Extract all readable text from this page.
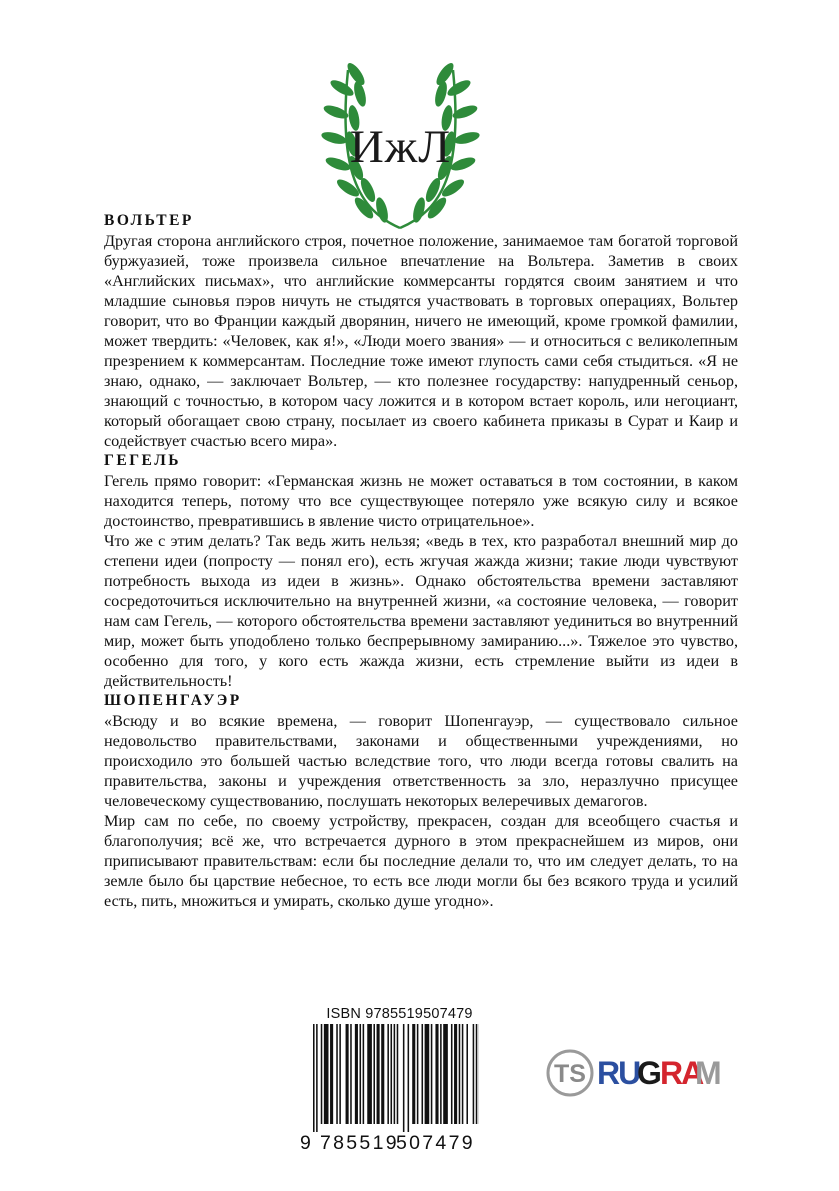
ИжЛ
ВОЛЬТЕР

Другая сторона английского строя, почетное положение, занимаемое там богатой торговой буржуазией, тоже произвела сильное впечатление на Вольтера. Заметив в своих «Английских письмах», что английские коммерсанты гордятся своим занятием и что младшие сыновья пэров ничуть не стыдятся участвовать в торговых операциях, Вольтер говорит, что во Франции каждый дворянин, ничего не имеющий, кроме громкой фамилии, может твердить: «Человек, как я!», «Люди моего звания» — и относиться с великолепным презрением к коммерсантам. Последние тоже имеют глупость сами себя стыдиться. «Я не знаю, однако, — заключает Вольтер, — кто полезнее государству: напудренный сеньор, знающий с точностью, в котором часу ложится и в котором встает король, или негоциант, который обогащает свою страну, посылает из своего кабинета приказы в Сурат и Каир и содействует счастью всего мира».

ГЕГЕЛЬ

Гегель прямо говорит: «Германская жизнь не может оставаться в том состоянии, в каком находится теперь, потому что все существующее потеряло уже всякую силу и всякое достоинство, превратившись в явление чисто отрицательное».

Что же с этим делать? Так ведь жить нельзя; «ведь в тех, кто разработал внешний мир до степени идеи (попросту — понял его), есть жгучая жажда жизни; такие люди чувствуют потребность выхода из идеи в жизнь». Однако обстоятельства времени заставляют сосредоточиться исключительно на внутренней жизни, «а состояние человека, — говорит нам сам Гегель, — которого обстоятельства времени заставляют уединиться во внутренний мир, может быть уподоблено только беспрерывному замиранию...». Тяжелое это чувство, особенно для того, у кого есть жажда жизни, есть стремление выйти из идеи в действительность!

ШОПЕНГАУЭР

«Всюду и во всякие времена, — говорит Шопенгауэр, — существовало сильное недовольство правительствами, законами и общественными учреждениями, но происходило это большей частью вследствие того, что люди всегда готовы свалить на правительства, законы и учреждения ответственность за зло, неразлучно присущее человеческому существованию, послушать некоторых велеречивых демагогов.

Мир сам по себе, по своему устройству, прекрасен, создан для всеобщего счастья и благополучия; всё же, что встречается дурного в этом прекраснейшем из миров, они приписывают правительствам: если бы последние делали то, что им следует делать, то на земле было бы царствие небесное, то есть все люди могли бы без всякого труда и усилий есть, пить, множиться и умирать, сколько душе угодно».

ISBN 9785519507479
9 785519
507479
TS RU
G
RA
M
